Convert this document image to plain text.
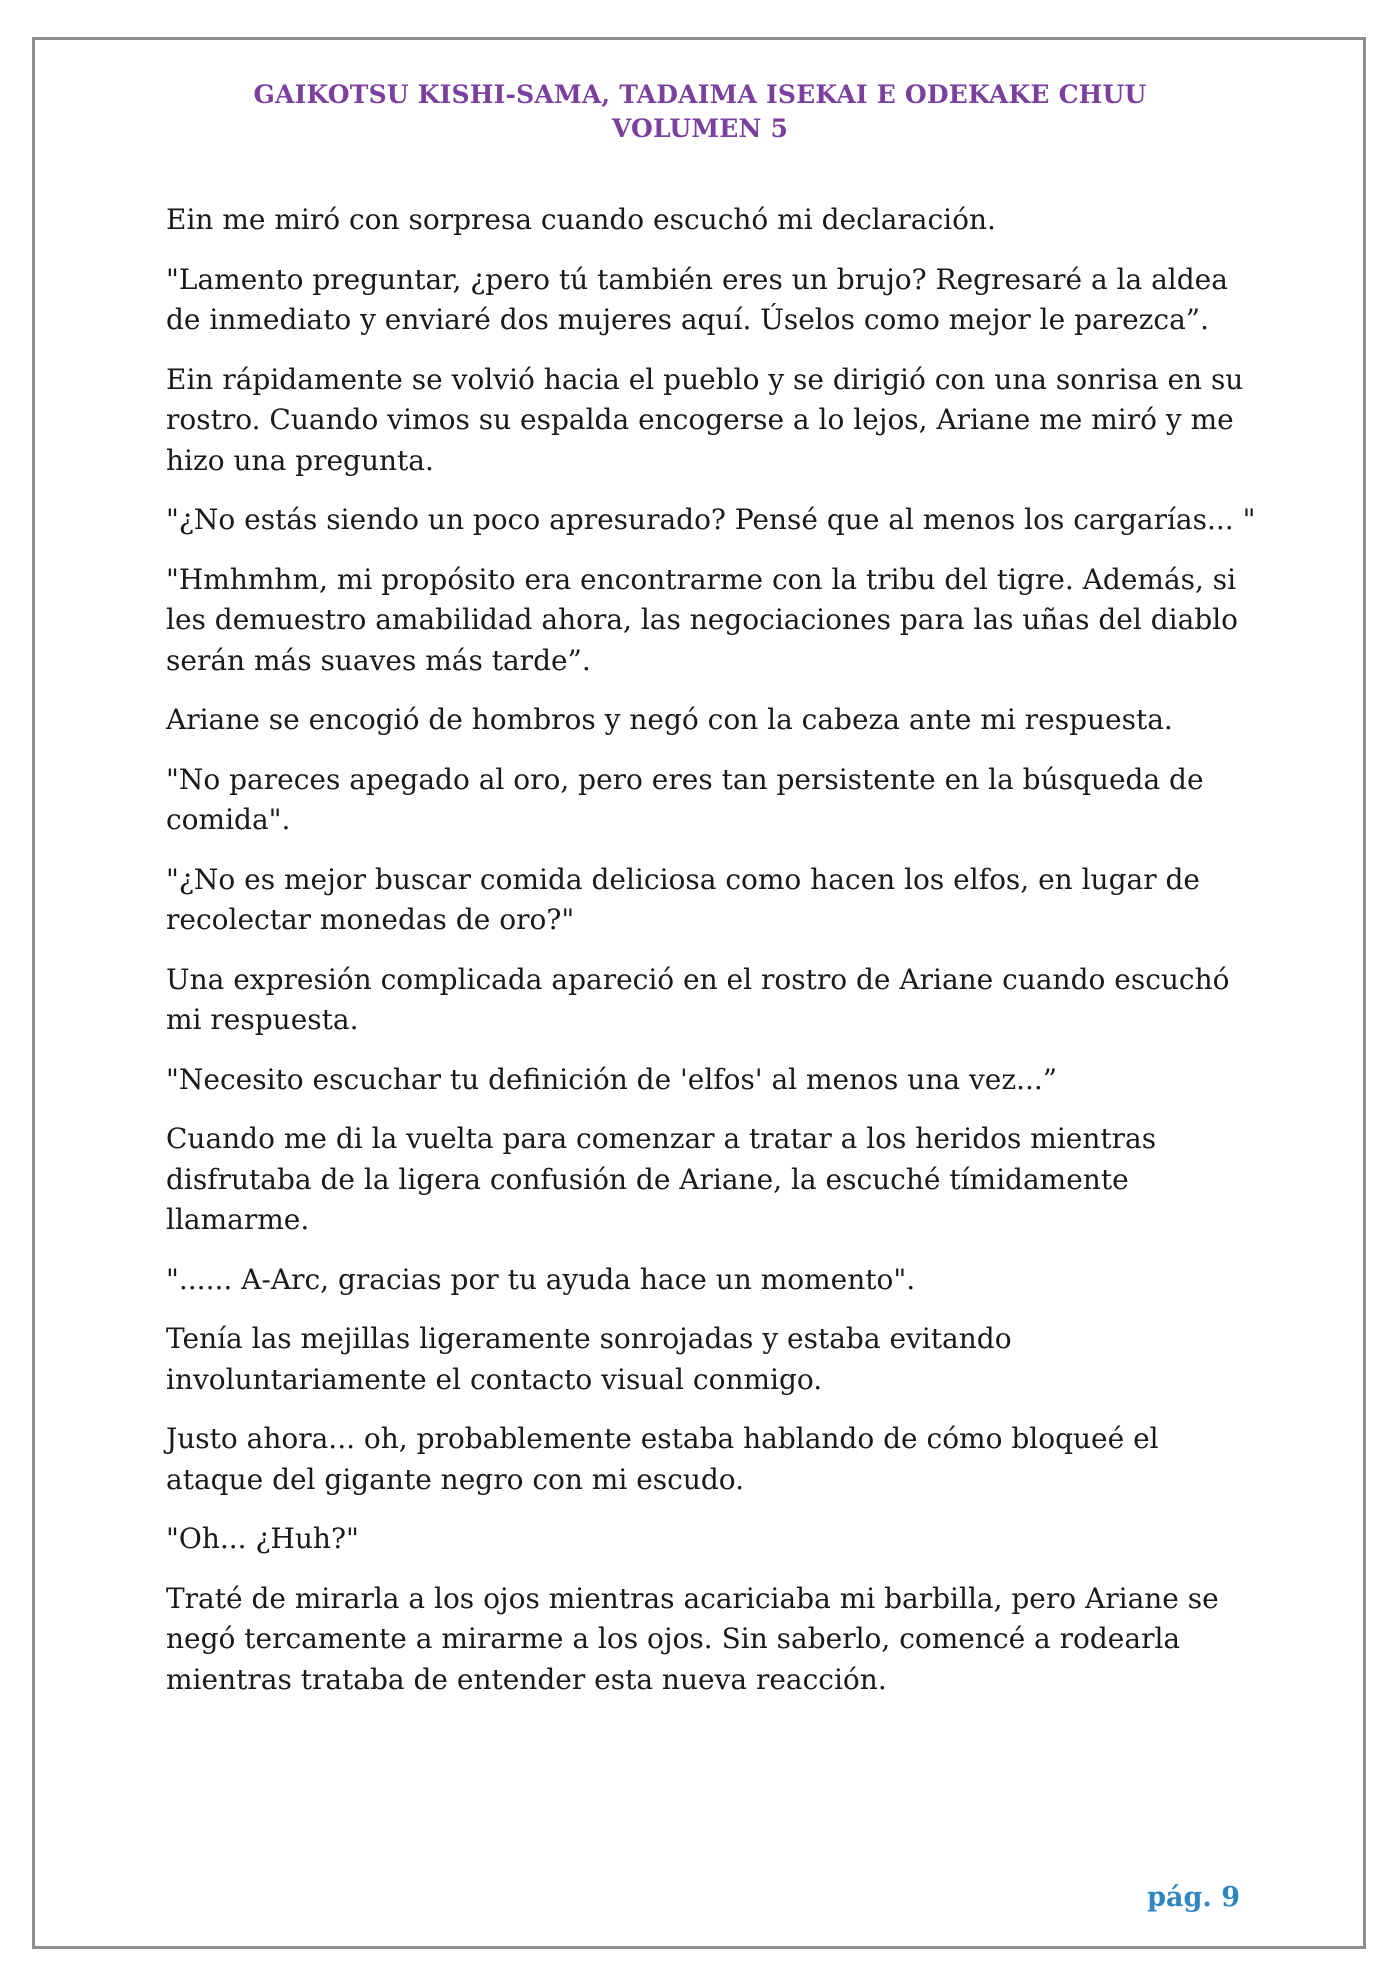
GAIKOTSU KISHI-SAMA, TADAIMA ISEKAI E ODEKAKE CHUU
VOLUMEN 5

Ein me miró con sorpresa cuando escuchó mi declaración.

"Lamento preguntar, ¿pero tú también eres un brujo? Regresaré a la aldea de inmediato y enviaré dos mujeres aquí. Úselos como mejor le parezca”.

Ein rápidamente se volvió hacia el pueblo y se dirigió con una sonrisa en su rostro. Cuando vimos su espalda encogerse a lo lejos, Ariane me miró y me hizo una pregunta.

"¿No estás siendo un poco apresurado? Pensé que al menos los cargarías... "

"Hmhmhm, mi propósito era encontrarme con la tribu del tigre. Además, si les demuestro amabilidad ahora, las negociaciones para las uñas del diablo serán más suaves más tarde”.

Ariane se encogió de hombros y negó con la cabeza ante mi respuesta.

"No pareces apegado al oro, pero eres tan persistente en la búsqueda de comida".

"¿No es mejor buscar comida deliciosa como hacen los elfos, en lugar de recolectar monedas de oro?"

Una expresión complicada apareció en el rostro de Ariane cuando escuchó mi respuesta.

"Necesito escuchar tu definición de 'elfos' al menos una vez...”

Cuando me di la vuelta para comenzar a tratar a los heridos mientras disfrutaba de la ligera confusión de Ariane, la escuché tímidamente llamarme.

"...... A-Arc, gracias por tu ayuda hace un momento".

Tenía las mejillas ligeramente sonrojadas y estaba evitando involuntariamente el contacto visual conmigo.

Justo ahora... oh, probablemente estaba hablando de cómo bloqueé el ataque del gigante negro con mi escudo.

"Oh... ¿Huh?"

Traté de mirarla a los ojos mientras acariciaba mi barbilla, pero Ariane se negó tercamente a mirarme a los ojos. Sin saberlo, comencé a rodearla mientras trataba de entender esta nueva reacción.

pág. 9
